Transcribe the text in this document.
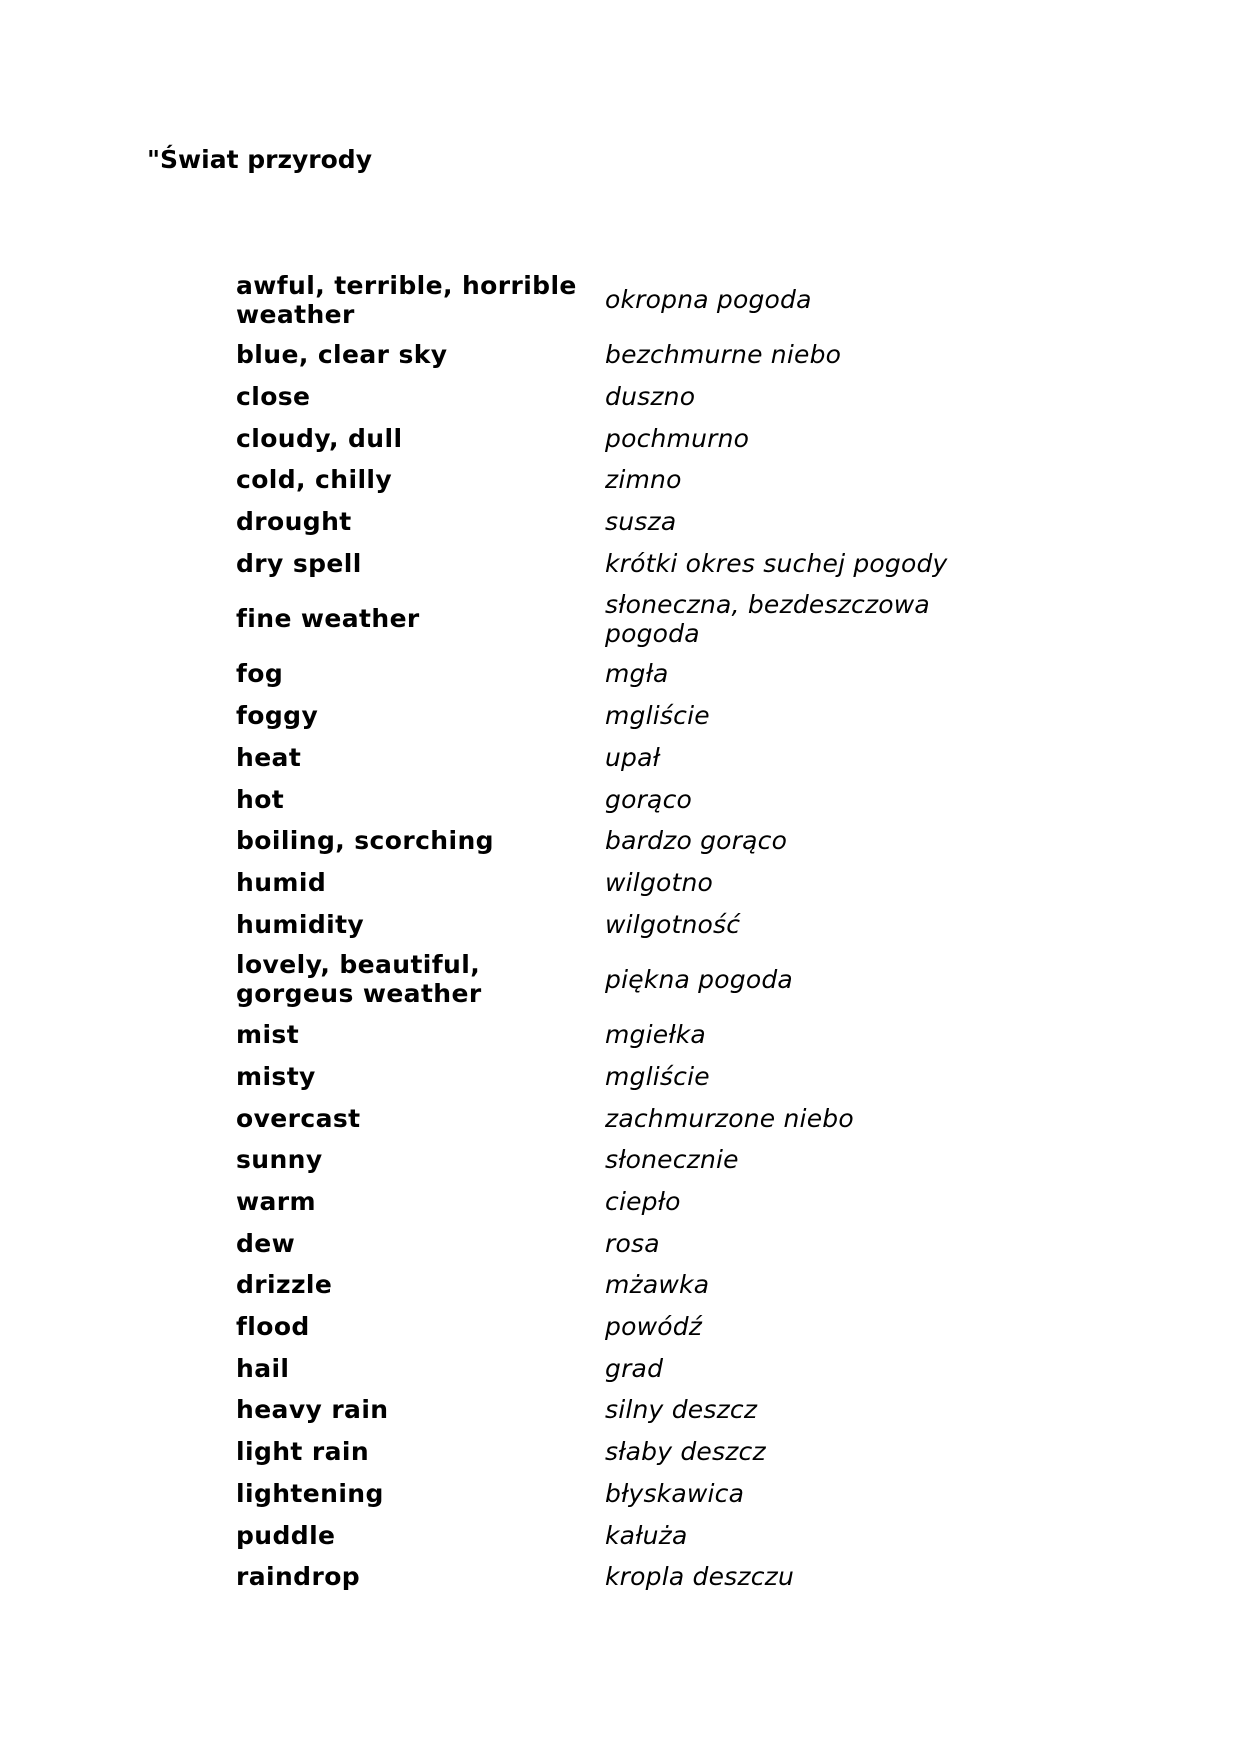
"Świat przyrody
awful, terrible, horrible weather	okropna pogoda
blue, clear sky	bezchmurne niebo
close	duszno
cloudy, dull	pochmurno
cold, chilly	zimno
drought	susza
dry spell	krótki okres suchej pogody
fine weather	słoneczna, bezdeszczowa pogoda
fog	mgła
foggy	mgliście
heat	upał
hot	gorąco
boiling, scorching	bardzo gorąco
humid	wilgotno
humidity	wilgotność
lovely, beautiful, gorgeus weather	piękna pogoda
mist	mgiełka
misty	mgliście
overcast	zachmurzone niebo
sunny	słonecznie
warm	ciepło
dew	rosa
drizzle	mżawka
flood	powódź
hail	grad
heavy rain	silny deszcz
light rain	słaby deszcz
lightening	błyskawica
puddle	kałuża
raindrop	kropla deszczu
